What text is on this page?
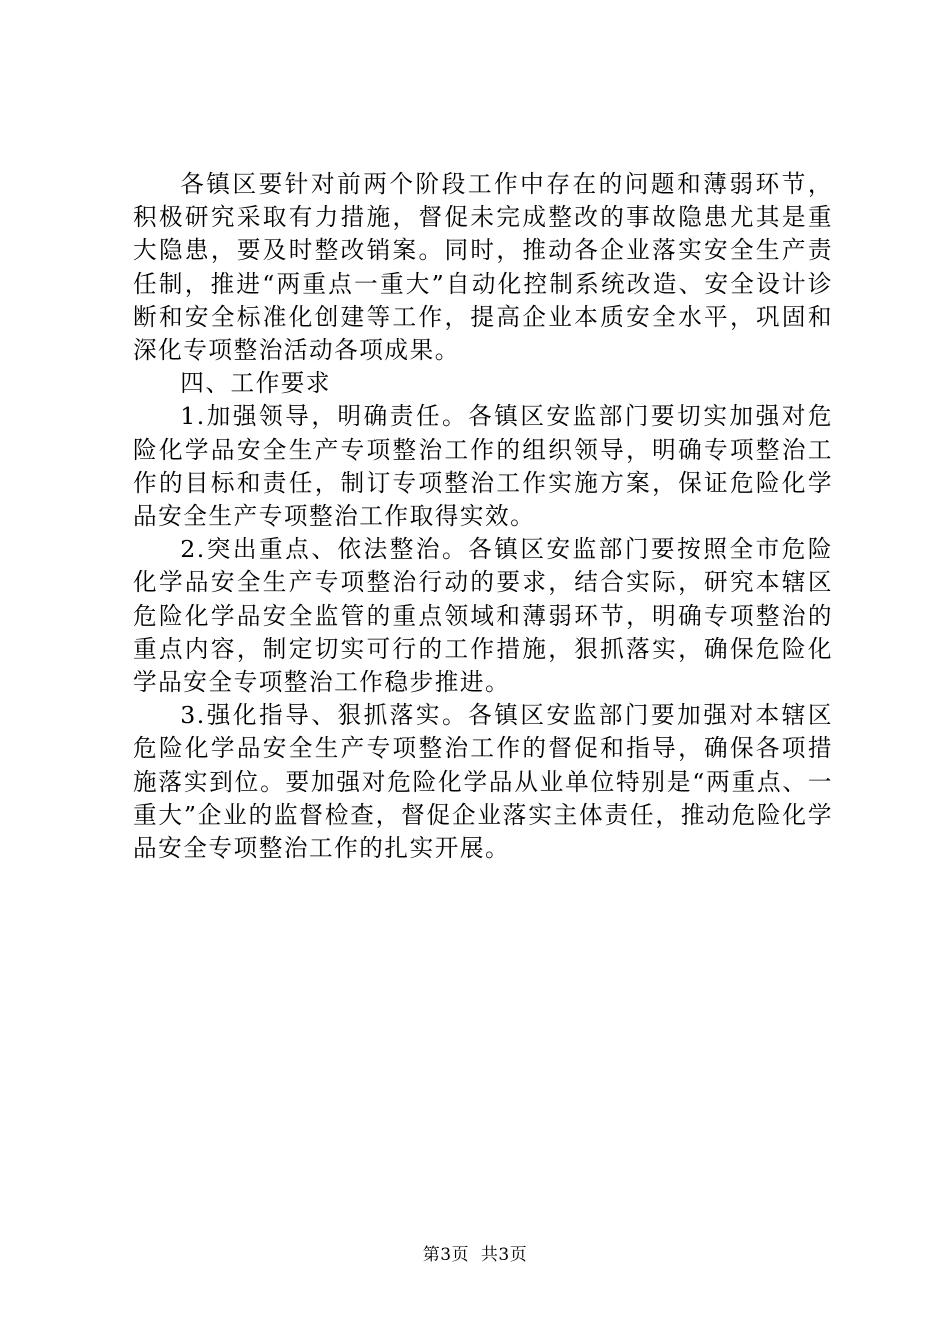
各镇区要针对前两个阶段工作中存在的问题和薄弱环节，积极研究采取有力措施，督促未完成整改的事故隐患尤其是重大隐患，要及时整改销案。同时，推动各企业落实安全生产责任制，推进“两重点一重大”自动化控制系统改造、安全设计诊断和安全标准化创建等工作，提高企业本质安全水平，巩固和深化专项整治活动各项成果。

四、工作要求

1.加强领导，明确责任。各镇区安监部门要切实加强对危险化学品安全生产专项整治工作的组织领导，明确专项整治工作的目标和责任，制订专项整治工作实施方案，保证危险化学品安全生产专项整治工作取得实效。

2.突出重点、依法整治。各镇区安监部门要按照全市危险化学品安全生产专项整治行动的要求，结合实际，研究本辖区危险化学品安全监管的重点领域和薄弱环节，明确专项整治的重点内容，制定切实可行的工作措施，狠抓落实，确保危险化学品安全专项整治工作稳步推进。

3.强化指导、狠抓落实。各镇区安监部门要加强对本辖区危险化学品安全生产专项整治工作的督促和指导，确保各项措施落实到位。要加强对危险化学品从业单位特别是“两重点、一重大”企业的监督检查，督促企业落实主体责任，推动危险化学品安全专项整治工作的扎实开展。

第3页  共3页
